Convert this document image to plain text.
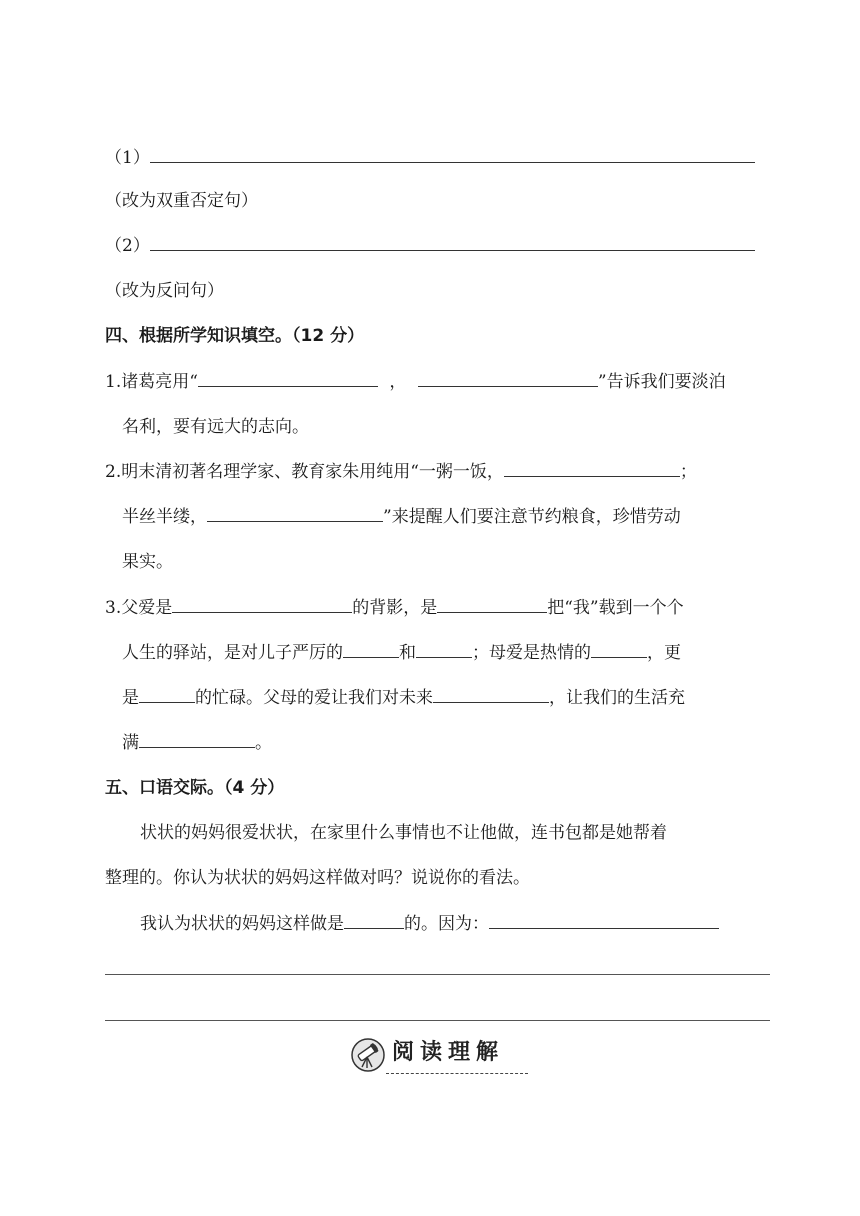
（1）
（改为双重否定句）
（2）
（改为反问句）
四、根据所学知识填空。（12 分）
1.诸葛亮用“	，	”告诉我们要淡泊
名利，要有远大的志向。
2.明末清初著名理学家、教育家朱用纯用“一粥一饭，	；
半丝半缕，	”来提醒人们要注意节约粮食，珍惜劳动
果实。
3.父爱是	的背影，是	把“我”载到一个个
人生的驿站，是对儿子严厉的	和	；母爱是热情的	，更
是	的忙碌。父母的爱让我们对未来	，让我们的生活充
满	。
五、口语交际。（4 分）
状状的妈妈很爱状状，在家里什么事情也不让他做，连书包都是她帮着
整理的。你认为状状的妈妈这样做对吗？说说你的看法。
我认为状状的妈妈这样做是	的。因为：
阅读理解
